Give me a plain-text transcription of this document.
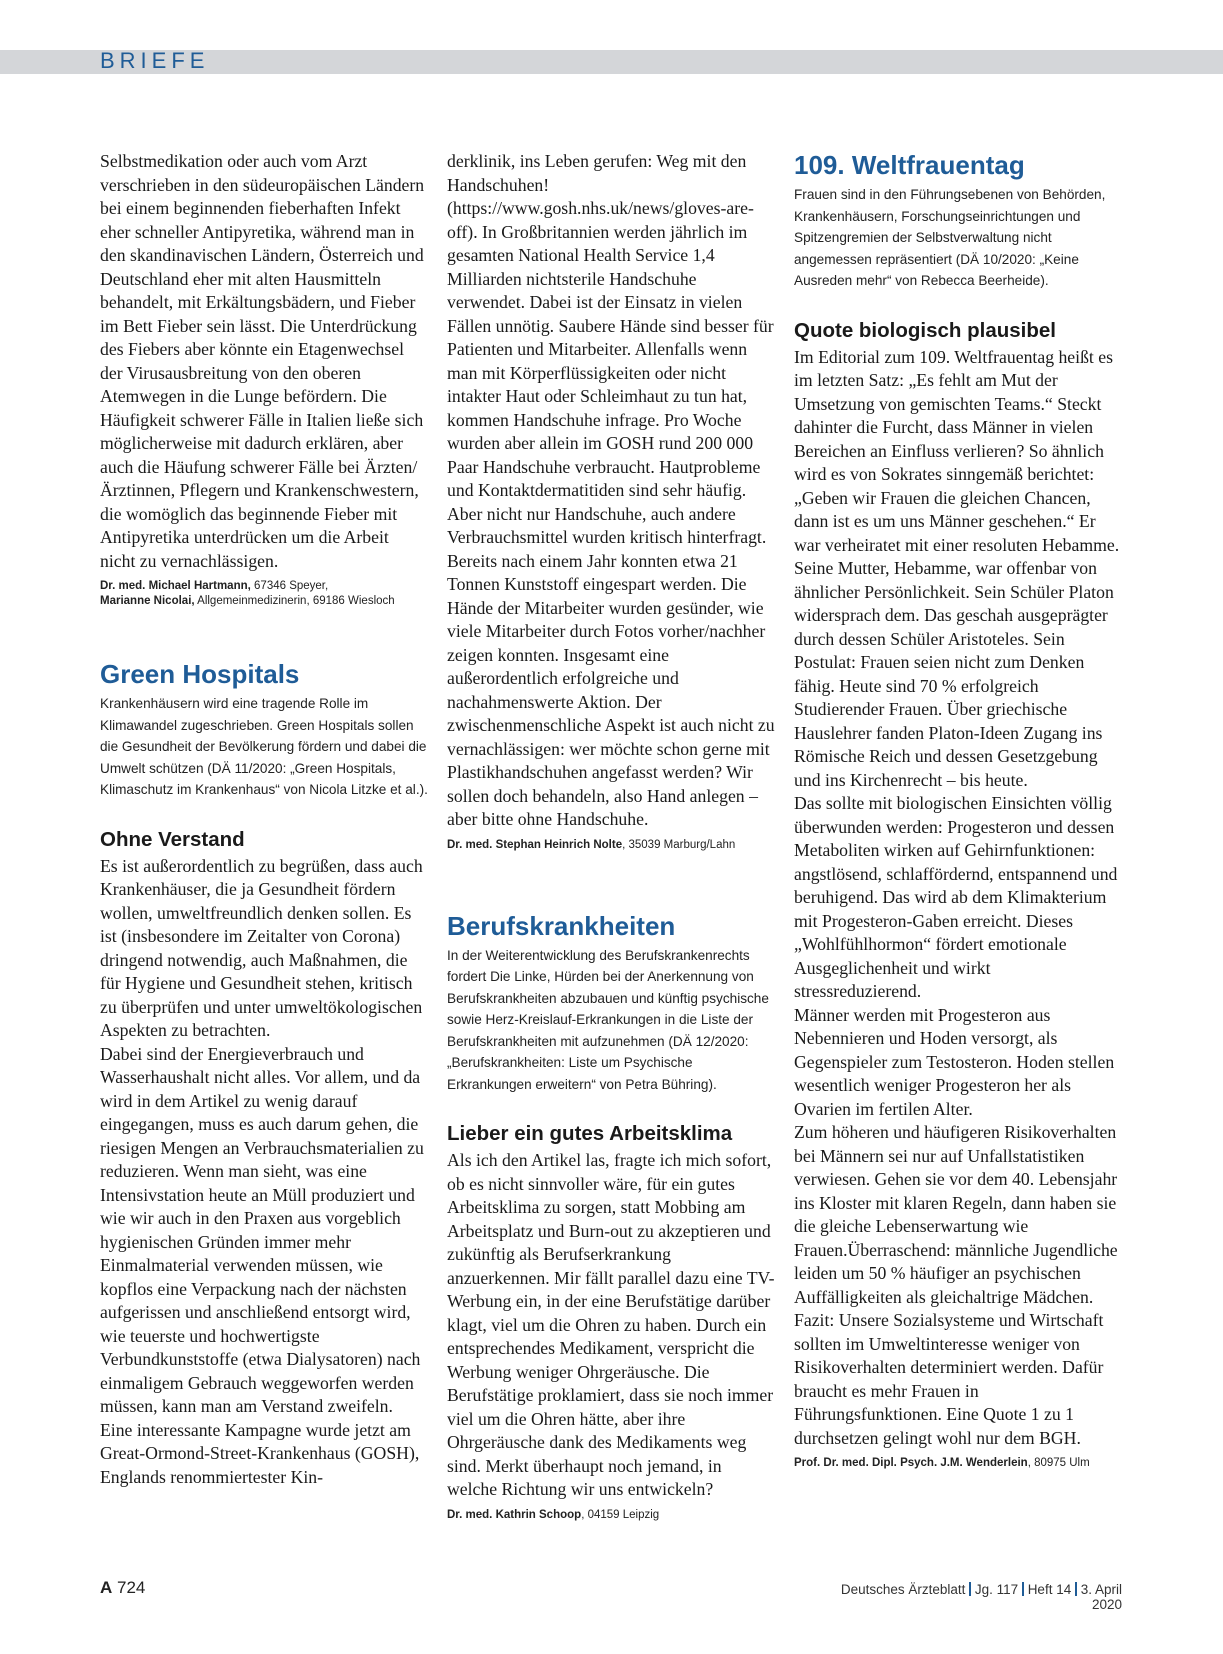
BRIEFE

Selbstmedikation oder auch vom Arzt verschrieben in den südeuropäischen Ländern bei einem beginnenden fieberhaften Infekt eher schneller Antipyretika, während man in den skandinavischen Ländern, Österreich und Deutschland eher mit alten Hausmitteln behandelt, mit Erkältungsbädern, und Fieber im Bett Fieber sein lässt. Die Unterdrückung des Fiebers aber könnte ein Etagenwechsel der Virusausbreitung von den oberen Atemwegen in die Lunge befördern. Die Häufigkeit schwerer Fälle in Italien ließe sich möglicherweise mit dadurch erklären, aber auch die Häufung schwerer Fälle bei Ärzten/Ärztinnen, Pflegern und Krankenschwestern, die womöglich das beginnende Fieber mit Antipyretika unterdrücken um die Arbeit nicht zu vernachlässigen.

Dr. med. Michael Hartmann, 67346 Speyer,
Marianne Nicolai, Allgemeinmedizinerin, 69186 Wiesloch

Green Hospitals

Krankenhäusern wird eine tragende Rolle im Klimawandel zugeschrieben. Green Hospitals sollen die Gesundheit der Bevölkerung fördern und dabei die Umwelt schützen (DÄ 11/2020: „Green Hospitals, Klimaschutz im Krankenhaus“ von Nicola Litzke et al.).

Ohne Verstand

Es ist außerordentlich zu begrüßen, dass auch Krankenhäuser, die ja Gesundheit fördern wollen, umweltfreundlich denken sollen. Es ist (insbesondere im Zeitalter von Corona) dringend notwendig, auch Maßnahmen, die für Hygiene und Gesundheit stehen, kritisch zu überprüfen und unter umweltökologischen Aspekten zu betrachten.

Dabei sind der Energieverbrauch und Wasserhaushalt nicht alles. Vor allem, und da wird in dem Artikel zu wenig darauf eingegangen, muss es auch darum gehen, die riesigen Mengen an Verbrauchsmaterialien zu reduzieren. Wenn man sieht, was eine Intensivstation heute an Müll produziert und wie wir auch in den Praxen aus vorgeblich hygienischen Gründen immer mehr Einmalmaterial verwenden müssen, wie kopflos eine Verpackung nach der nächsten aufgerissen und anschließend entsorgt wird, wie teuerste und hochwertigste Verbundkunststoffe (etwa Dialysatoren) nach einmaligem Gebrauch weggeworfen werden müssen, kann man am Verstand zweifeln.

Eine interessante Kampagne wurde jetzt am Great-Ormond-Street-Krankenhaus (GOSH), Englands renommiertester Kin-

derklinik, ins Leben gerufen: Weg mit den Handschuhen! (https://www.gosh.nhs.uk/news/gloves-are-off). In Großbritannien werden jährlich im gesamten National Health Service 1,4 Milliarden nichtsterile Handschuhe verwendet. Dabei ist der Einsatz in vielen Fällen unnötig. Saubere Hände sind besser für Patienten und Mitarbeiter. Allenfalls wenn man mit Körperflüssigkeiten oder nicht intakter Haut oder Schleimhaut zu tun hat, kommen Handschuhe infrage. Pro Woche wurden aber allein im GOSH rund 200 000 Paar Handschuhe verbraucht. Hautprobleme und Kontaktdermatitiden sind sehr häufig. Aber nicht nur Handschuhe, auch andere Verbrauchsmittel wurden kritisch hinterfragt. Bereits nach einem Jahr konnten etwa 21 Tonnen Kunststoff eingespart werden. Die Hände der Mitarbeiter wurden gesünder, wie viele Mitarbeiter durch Fotos vorher/nachher zeigen konnten. Insgesamt eine außerordentlich erfolgreiche und nachahmenswerte Aktion. Der zwischenmenschliche Aspekt ist auch nicht zu vernachlässigen: wer möchte schon gerne mit Plastikhandschuhen angefasst werden? Wir sollen doch behandeln, also Hand anlegen – aber bitte ohne Handschuhe.

Dr. med. Stephan Heinrich Nolte, 35039 Marburg/Lahn

Berufskrankheiten

In der Weiterentwicklung des Berufskrankenrechts fordert Die Linke, Hürden bei der Anerkennung von Berufskrankheiten abzubauen und künftig psychische sowie Herz-Kreislauf-Erkrankungen in die Liste der Berufskrankheiten mit aufzunehmen (DÄ 12/2020: „Berufskrankheiten: Liste um Psychische Erkrankungen erweitern“ von Petra Bühring).

Lieber ein gutes Arbeitsklima

Als ich den Artikel las, fragte ich mich sofort, ob es nicht sinnvoller wäre, für ein gutes Arbeitsklima zu sorgen, statt Mobbing am Arbeitsplatz und Burn-out zu akzeptieren und zukünftig als Berufserkrankung anzuerkennen. Mir fällt parallel dazu eine TV-Werbung ein, in der eine Berufstätige darüber klagt, viel um die Ohren zu haben. Durch ein entsprechendes Medikament, verspricht die Werbung weniger Ohrgeräusche. Die Berufstätige proklamiert, dass sie noch immer viel um die Ohren hätte, aber ihre Ohrgeräusche dank des Medikaments weg sind. Merkt überhaupt noch jemand, in welche Richtung wir uns entwickeln?

Dr. med. Kathrin Schoop, 04159 Leipzig

109. Weltfrauentag

Frauen sind in den Führungsebenen von Behörden, Krankenhäusern, Forschungseinrichtungen und Spitzengremien der Selbstverwaltung nicht angemessen repräsentiert (DÄ 10/2020: „Keine Ausreden mehr“ von Rebecca Beerheide).

Quote biologisch plausibel

Im Editorial zum 109. Weltfrauentag heißt es im letzten Satz: „Es fehlt am Mut der Umsetzung von gemischten Teams.“ Steckt dahinter die Furcht, dass Männer in vielen Bereichen an Einfluss verlieren? So ähnlich wird es von Sokrates sinngemäß berichtet: „Geben wir Frauen die gleichen Chancen, dann ist es um uns Männer geschehen.“ Er war verheiratet mit einer resoluten Hebamme. Seine Mutter, Hebamme, war offenbar von ähnlicher Persönlichkeit. Sein Schüler Platon widersprach dem. Das geschah ausgeprägter durch dessen Schüler Aristoteles. Sein Postulat: Frauen seien nicht zum Denken fähig. Heute sind 70 % erfolgreich Studierender Frauen. Über griechische Hauslehrer fanden Platon-Ideen Zugang ins Römische Reich und dessen Gesetzgebung und ins Kirchenrecht – bis heute.

Das sollte mit biologischen Einsichten völlig überwunden werden: Progesteron und dessen Metaboliten wirken auf Gehirnfunktionen: angstlösend, schlaffördernd, entspannend und beruhigend. Das wird ab dem Klimakterium mit Progesteron-Gaben erreicht. Dieses „Wohlfühlhormon“ fördert emotionale Ausgeglichenheit und wirkt stressreduzierend.

Männer werden mit Progesteron aus Nebennieren und Hoden versorgt, als Gegenspieler zum Testosteron. Hoden stellen wesentlich weniger Progesteron her als Ovarien im fertilen Alter.

Zum höheren und häufigeren Risikoverhalten bei Männern sei nur auf Unfallstatistiken verwiesen. Gehen sie vor dem 40. Lebensjahr ins Kloster mit klaren Regeln, dann haben sie die gleiche Lebenserwartung wie Frauen.Überraschend: männliche Jugendliche leiden um 50 % häufiger an psychischen Auffälligkeiten als gleichaltrige Mädchen.

Fazit: Unsere Sozialsysteme und Wirtschaft sollten im Umweltinteresse weniger von Risikoverhalten determiniert werden. Dafür braucht es mehr Frauen in Führungsfunktionen. Eine Quote 1 zu 1 durchsetzen gelingt wohl nur dem BGH.

Prof. Dr. med. Dipl. Psych. J.M. Wenderlein, 80975 Ulm

A 724	Deutsches Ärzteblatt Jg. 117 Heft 14 3. April 2020
